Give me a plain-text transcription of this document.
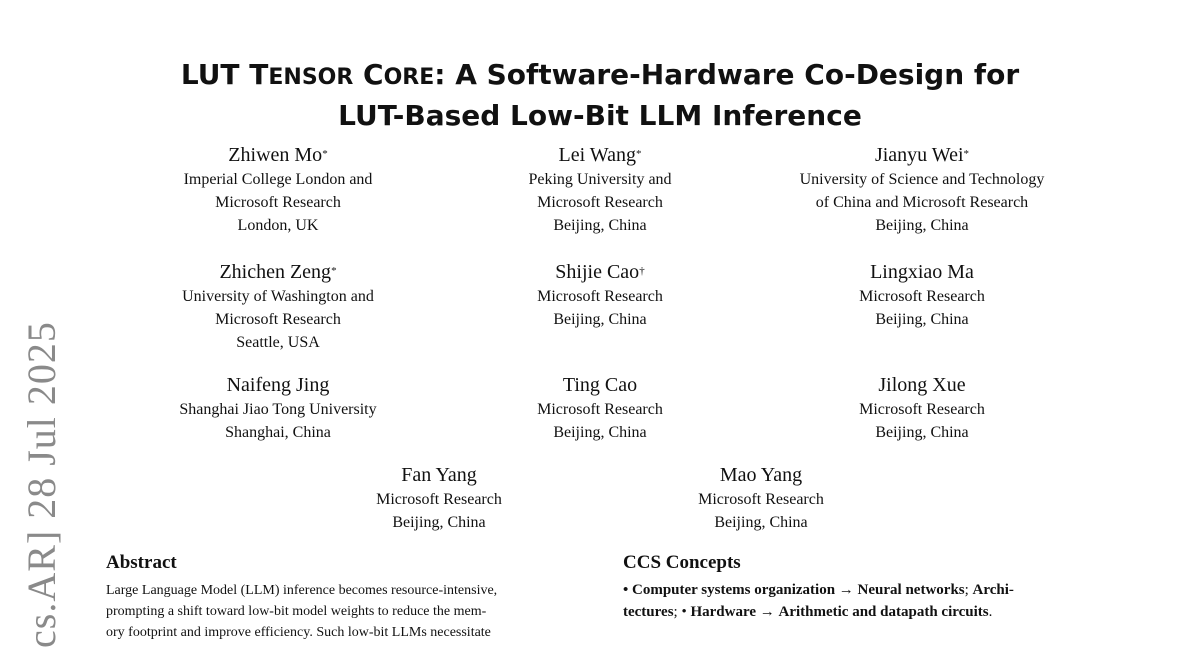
cs.AR] 28 Jul 2025
LUT TENSOR CORE: A Software-Hardware Co-Design for
LUT-Based Low-Bit LLM Inference
Zhiwen Mo*
Imperial College London and
Microsoft Research
London, UK
Lei Wang*
Peking University and
Microsoft Research
Beijing, China
Jianyu Wei*
University of Science and Technology
of China and Microsoft Research
Beijing, China
Zhichen Zeng*
University of Washington and
Microsoft Research
Seattle, USA
Shijie Cao†
Microsoft Research
Beijing, China
Lingxiao Ma
Microsoft Research
Beijing, China
Naifeng Jing
Shanghai Jiao Tong University
Shanghai, China
Ting Cao
Microsoft Research
Beijing, China
Jilong Xue
Microsoft Research
Beijing, China
Fan Yang
Microsoft Research
Beijing, China
Mao Yang
Microsoft Research
Beijing, China
Abstract
Large Language Model (LLM) inference becomes resource-intensive,
prompting a shift toward low-bit model weights to reduce the mem-
ory footprint and improve efficiency. Such low-bit LLMs necessitate
CCS Concepts
• Computer systems organization → Neural networks; Archi-
tectures; • Hardware → Arithmetic and datapath circuits.
